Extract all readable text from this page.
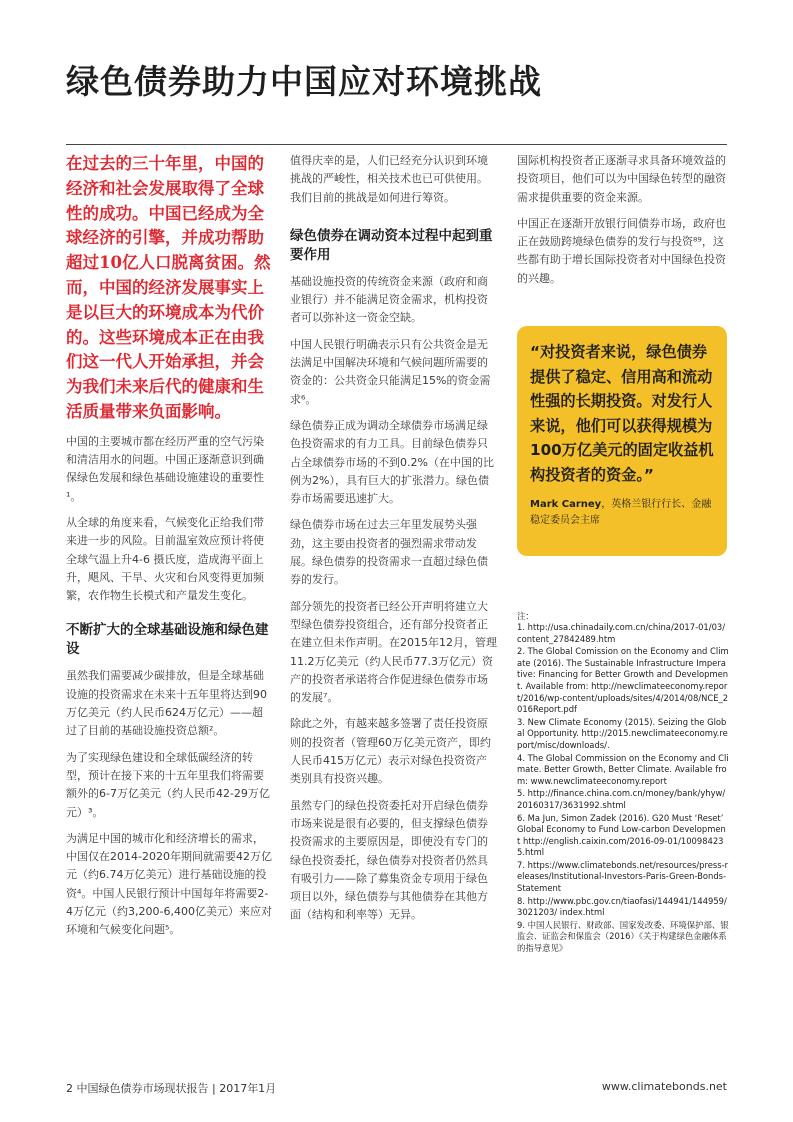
绿色债券助力中国应对环境挑战
在过去的三十年里，中国的经济和社会发展取得了全球性的成功。中国已经成为全球经济的引擎，并成功帮助超过10亿人口脱离贫困。然而，中国的经济发展事实上是以巨大的环境成本为代价的。这些环境成本正在由我们这一代人开始承担，并会为我们未来后代的健康和生活质量带来负面影响。

中国的主要城市都在经历严重的空气污染和清洁用水的问题。中国正逐渐意识到确保绿色发展和绿色基础设施建设的重要性¹。

从全球的角度来看，气候变化正给我们带来进一步的风险。目前温室效应预计将使全球气温上升4-6 摄氏度，造成海平面上升，飓风、干旱、火灾和台风变得更加频繁，农作物生长模式和产量发生变化。

不断扩大的全球基础设施和绿色建设

虽然我们需要减少碳排放，但是全球基础设施的投资需求在未来十五年里将达到90万亿美元（约人民币624万亿元）——超过了目前的基础设施投资总额²。

为了实现绿色建设和全球低碳经济的转型，预计在接下来的十五年里我们将需要额外的6-7万亿美元（约人民币42-29万亿元）³。

为满足中国的城市化和经济增长的需求，中国仅在2014-2020年期间就需要42万亿元（约6.74万亿美元）进行基础设施的投资⁴。中国人民银行预计中国每年将需要2-4万亿元（约3,200-6,400亿美元）来应对环境和气候变化问题⁵。

值得庆幸的是，人们已经充分认识到环境挑战的严峻性，相关技术也已可供使用。我们目前的挑战是如何进行筹资。

绿色债券在调动资本过程中起到重要作用

基础设施投资的传统资金来源（政府和商业银行）并不能满足资金需求，机构投资者可以弥补这一资金空缺。

中国人民银行明确表示只有公共资金是无法满足中国解决环境和气候问题所需要的资金的：公共资金只能满足15%的资金需求⁶。

绿色债券正成为调动全球债券市场满足绿色投资需求的有力工具。目前绿色债券只占全球债券市场的不到0.2%（在中国的比例为2%），具有巨大的扩张潜力。绿色债券市场需要迅速扩大。

绿色债券市场在过去三年里发展势头强劲，这主要由投资者的强烈需求带动发展。绿色债券的投资需求一直超过绿色债券的发行。

部分领先的投资者已经公开声明将建立大型绿色债券投资组合，还有部分投资者正在建立但未作声明。在2015年12月，管理11.2万亿美元（约人民币77.3万亿元）资产的投资者承诺将合作促进绿色债券市场的发展⁷。

除此之外，有越来越多签署了责任投资原则的投资者（管理60万亿美元资产，即约人民币415万亿元）表示对绿色投资资产类别具有投资兴趣。

虽然专门的绿色投资委托对开启绿色债券市场来说是很有必要的，但支撑绿色债券投资需求的主要原因是，即使没有专门的绿色投资委托，绿色债券对投资者仍然具有吸引力——除了募集资金专项用于绿色项目以外，绿色债券与其他债券在其他方面（结构和利率等）无异。

国际机构投资者正逐渐寻求具备环境效益的投资项目，他们可以为中国绿色转型的融资需求提供重要的资金来源。

中国正在逐渐开放银行间债券市场，政府也正在鼓励跨境绿色债券的发行与投资⁸⁹，这些都有助于增长国际投资者对中国绿色投资的兴趣。

“对投资者来说，绿色债券提供了稳定、信用高和流动性强的长期投资。对发行人来说，他们可以获得规模为100万亿美元的固定收益机构投资者的资金。”
Mark Carney，英格兰银行行长、金融稳定委员会主席
注：
1. http://usa.chinadaily.com.cn/china/2017-01/03/content_27842489.htm
2. The Global Comission on the Economy and Climate (2016). The Sustainable Infrastructure Imperative: Financing for Better Growth and Development. Available from: http://newclimateeconomy.report/2016/wp-content/uploads/sites/4/2014/08/NCE_2016Report.pdf
3. New Climate Economy (2015). Seizing the Global Opportunity. http://2015.newclimateeconomy.report/misc/downloads/.
4. The Global Commission on the Economy and Climate. Better Growth, Better Climate. Available from: www.newclimateeconomy.report
5. http://finance.china.com.cn/money/bank/yhyw/20160317/3631992.shtml
6. Ma Jun, Simon Zadek (2016). G20 Must ‘Reset’ Global Economy to Fund Low-carbon Development http://english.caixin.com/2016-09-01/100984235.html
7. https://www.climatebonds.net/resources/press-releases/Institutional-Investors-Paris-Green-Bonds-Statement
8. http://www.pbc.gov.cn/tiaofasi/144941/144959/3021203/ index.html
9. 中国人民银行、财政部、国家发改委、环境保护部、银监会、证监会和保监会（2016）《关于构建绿色金融体系的指导意见》
2 中国绿色债券市场现状报告 | 2017年1月	www.climatebonds.net
